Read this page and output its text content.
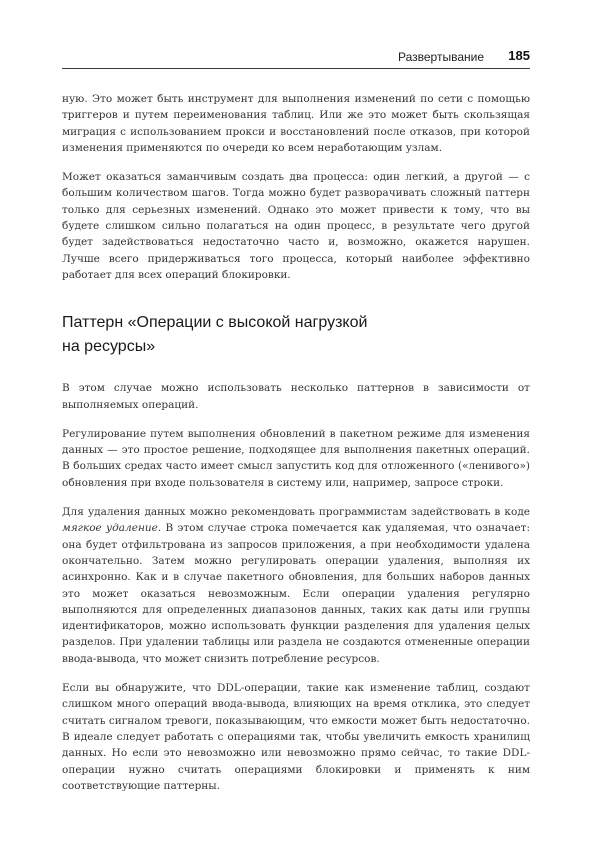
Развертывание 185

ную. Это может быть инструмент для выполнения изменений по сети с помощью триггеров и путем переименования таблиц. Или же это может быть скользящая миграция с использованием прокси и восстановлений после отказов, при которой изменения применяются по очереди ко всем неработающим узлам.

Может оказаться заманчивым создать два процесса: один легкий, а другой — с большим количеством шагов. Тогда можно будет разворачивать сложный паттерн только для серьезных изменений. Однако это может привести к тому, что вы будете слишком сильно полагаться на один процесс, в результате чего другой будет задействоваться недостаточно часто и, возможно, окажется нарушен. Лучше всего придерживаться того процесса, который наиболее эффективно работает для всех операций блокировки.

Паттерн «Операции с высокой нагрузкой на ресурсы»

В этом случае можно использовать несколько паттернов в зависимости от выполняемых операций.

Регулирование путем выполнения обновлений в пакетном режиме для изменения данных — это простое решение, подходящее для выполнения пакетных операций. В больших средах часто имеет смысл запустить код для отложенного («ленивого») обновления при входе пользователя в систему или, например, запросе строки.

Для удаления данных можно рекомендовать программистам задействовать в коде мягкое удаление. В этом случае строка помечается как удаляемая, что означает: она будет отфильтрована из запросов приложения, а при необходимости удалена окончательно. Затем можно регулировать операции удаления, выполняя их асинхронно. Как и в случае пакетного обновления, для больших наборов данных это может оказаться невозможным. Если операции удаления регулярно выполняются для определенных диапазонов данных, таких как даты или группы идентификаторов, можно использовать функции разделения для удаления целых разделов. При удалении таблицы или раздела не создаются отмененные операции ввода-вывода, что может снизить потребление ресурсов.

Если вы обнаружите, что DDL-операции, такие как изменение таблиц, создают слишком много операций ввода-вывода, влияющих на время отклика, это следует считать сигналом тревоги, показывающим, что емкости может быть недостаточно. В идеале следует работать с операциями так, чтобы увеличить емкость хранилищ данных. Но если это невозможно или невозможно прямо сейчас, то такие DDL-операции нужно считать операциями блокировки и применять к ним соответствующие паттерны.
